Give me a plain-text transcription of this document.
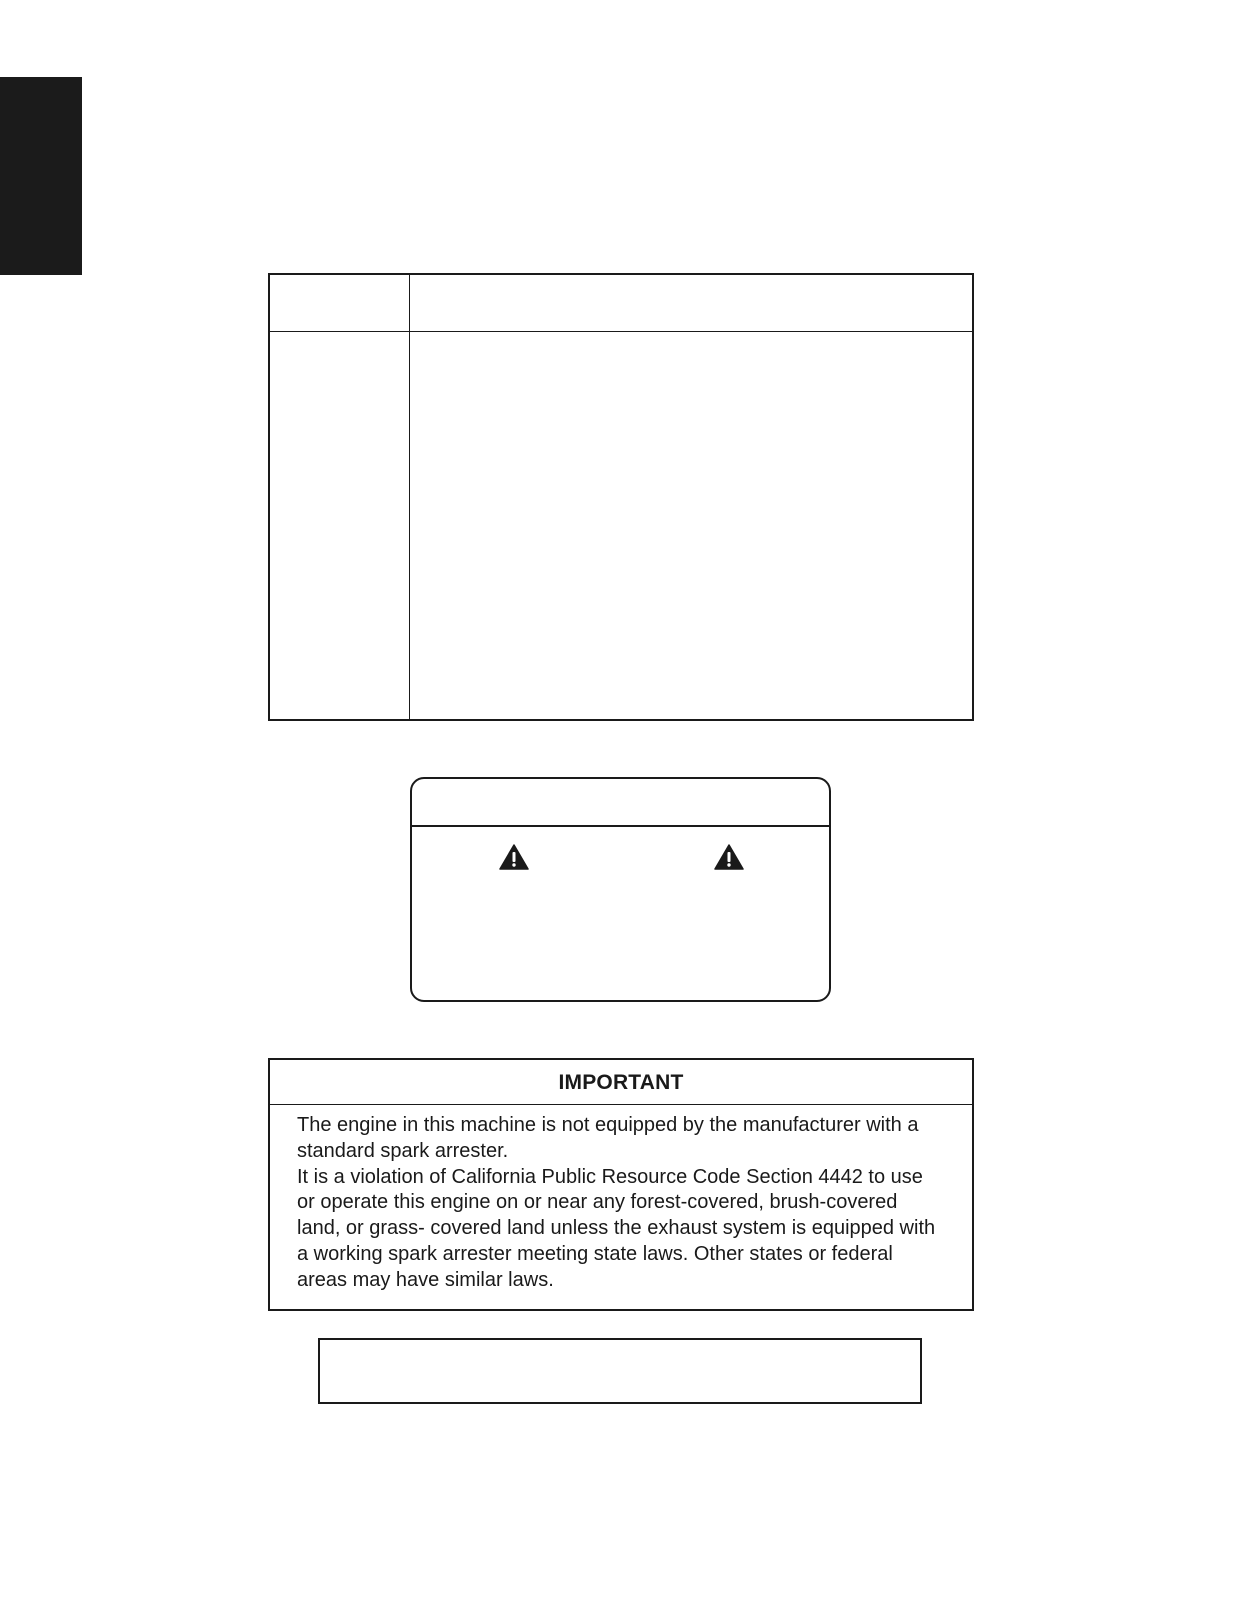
IMPORTANT

The engine in this machine is not equipped by the manufacturer with a standard spark arrester.

It is a violation of California Public Resource Code Section 4442 to use or operate this engine on or near any forest-covered, brush-covered land, or grass- covered land unless the exhaust system is equipped with a working spark arrester meeting state laws. Other states or federal areas may have similar laws.
